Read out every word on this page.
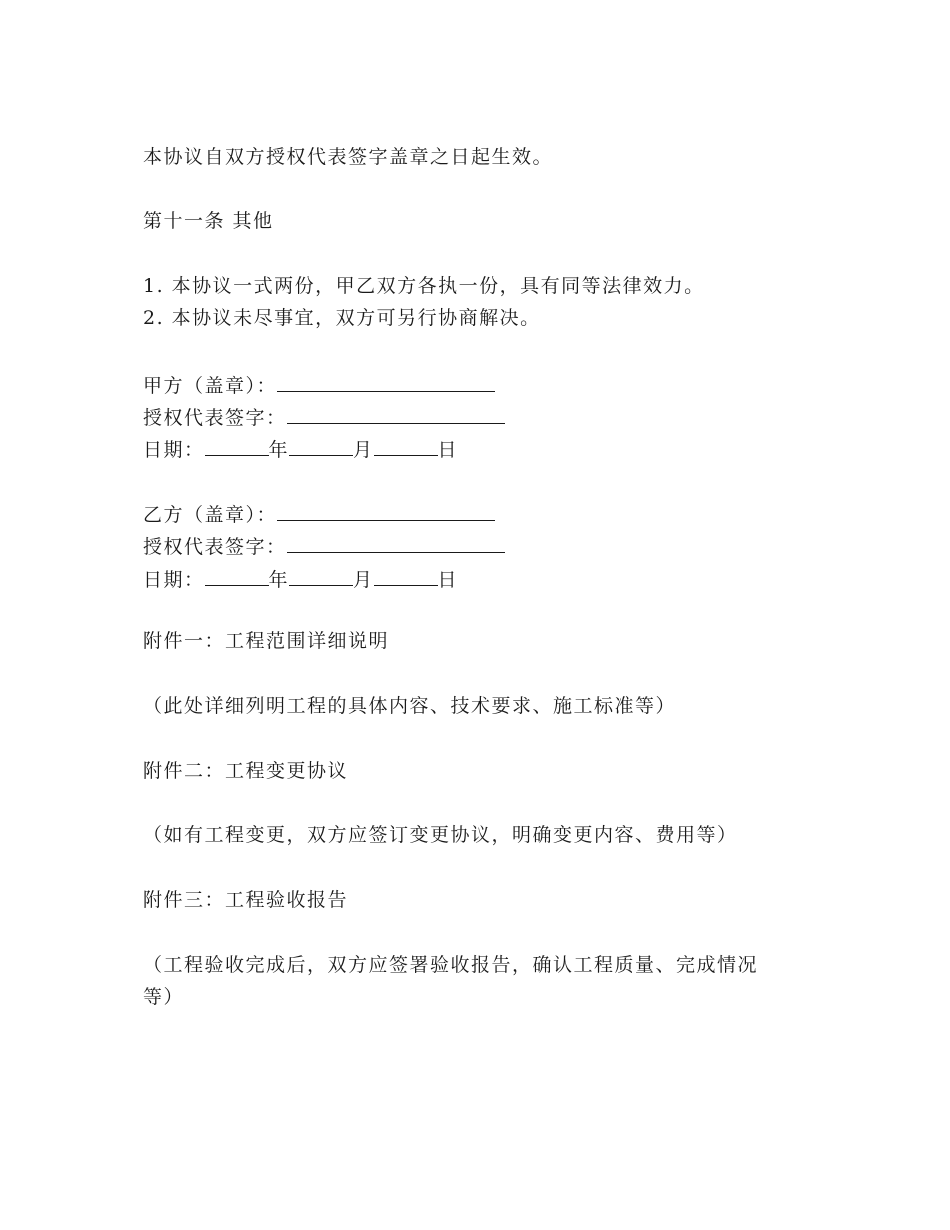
本协议自双方授权代表签字盖章之日起生效。
第十一条 其他
1. 本协议一式两份，甲乙双方各执一份，具有同等法律效力。
2. 本协议未尽事宜，双方可另行协商解决。
甲方（盖章）：
授权代表签字：
日期：	年	月	日
乙方（盖章）：
授权代表签字：
日期：	年	月	日
附件一：工程范围详细说明
（此处详细列明工程的具体内容、技术要求、施工标准等）
附件二：工程变更协议
（如有工程变更，双方应签订变更协议，明确变更内容、费用等）
附件三：工程验收报告
（工程验收完成后，双方应签署验收报告，确认工程质量、完成情况
等）
